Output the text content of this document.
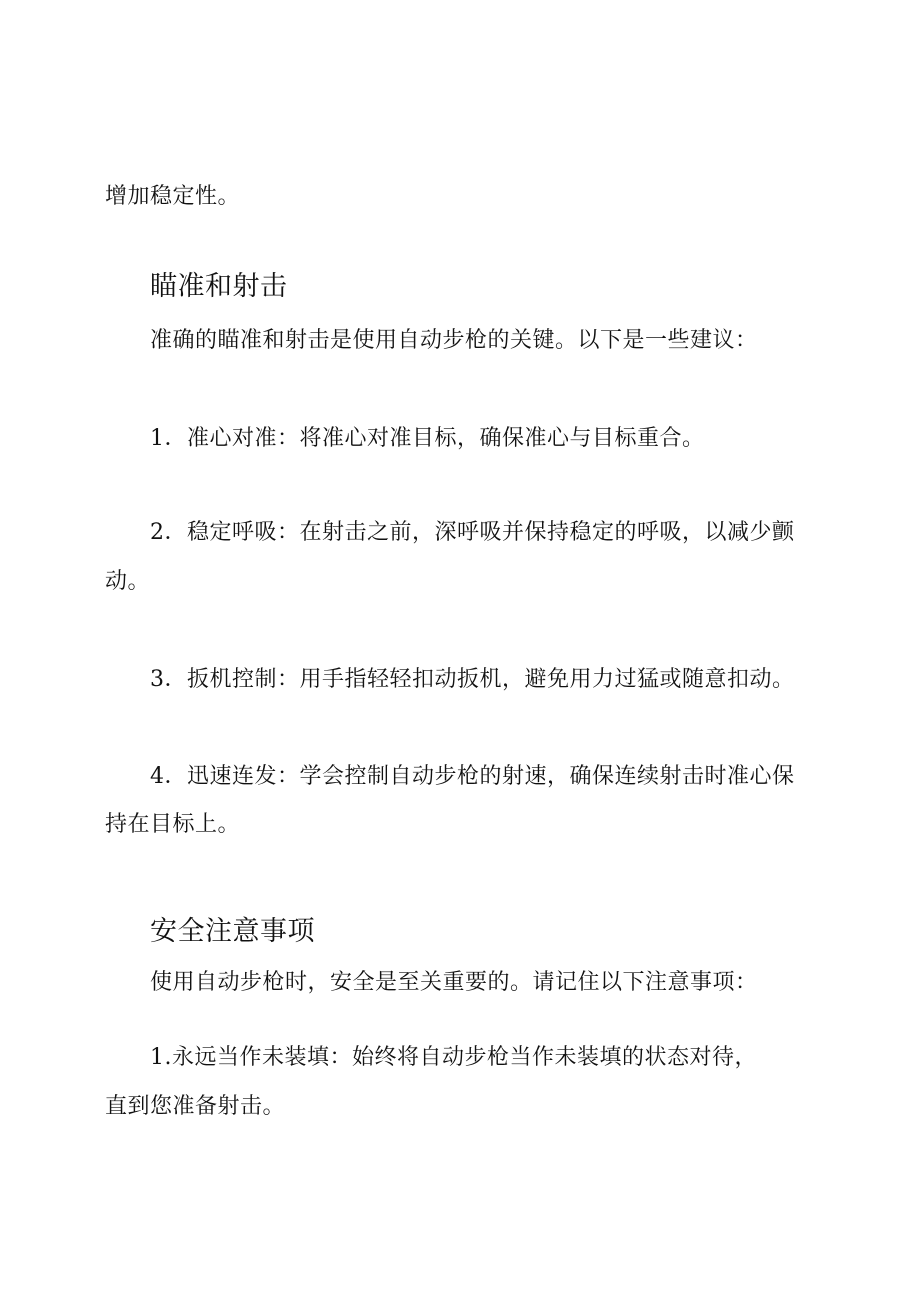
增加稳定性。
瞄准和射击
准确的瞄准和射击是使用自动步枪的关键。以下是一些建议：
1．准心对准：将准心对准目标，确保准心与目标重合。
2．稳定呼吸：在射击之前，深呼吸并保持稳定的呼吸，以减少颤
动。
3．扳机控制：用手指轻轻扣动扳机，避免用力过猛或随意扣动。
4．迅速连发：学会控制自动步枪的射速，确保连续射击时准心保
持在目标上。
安全注意事项
使用自动步枪时，安全是至关重要的。请记住以下注意事项：
1.永远当作未装填：始终将自动步枪当作未装填的状态对待，
直到您准备射击。
